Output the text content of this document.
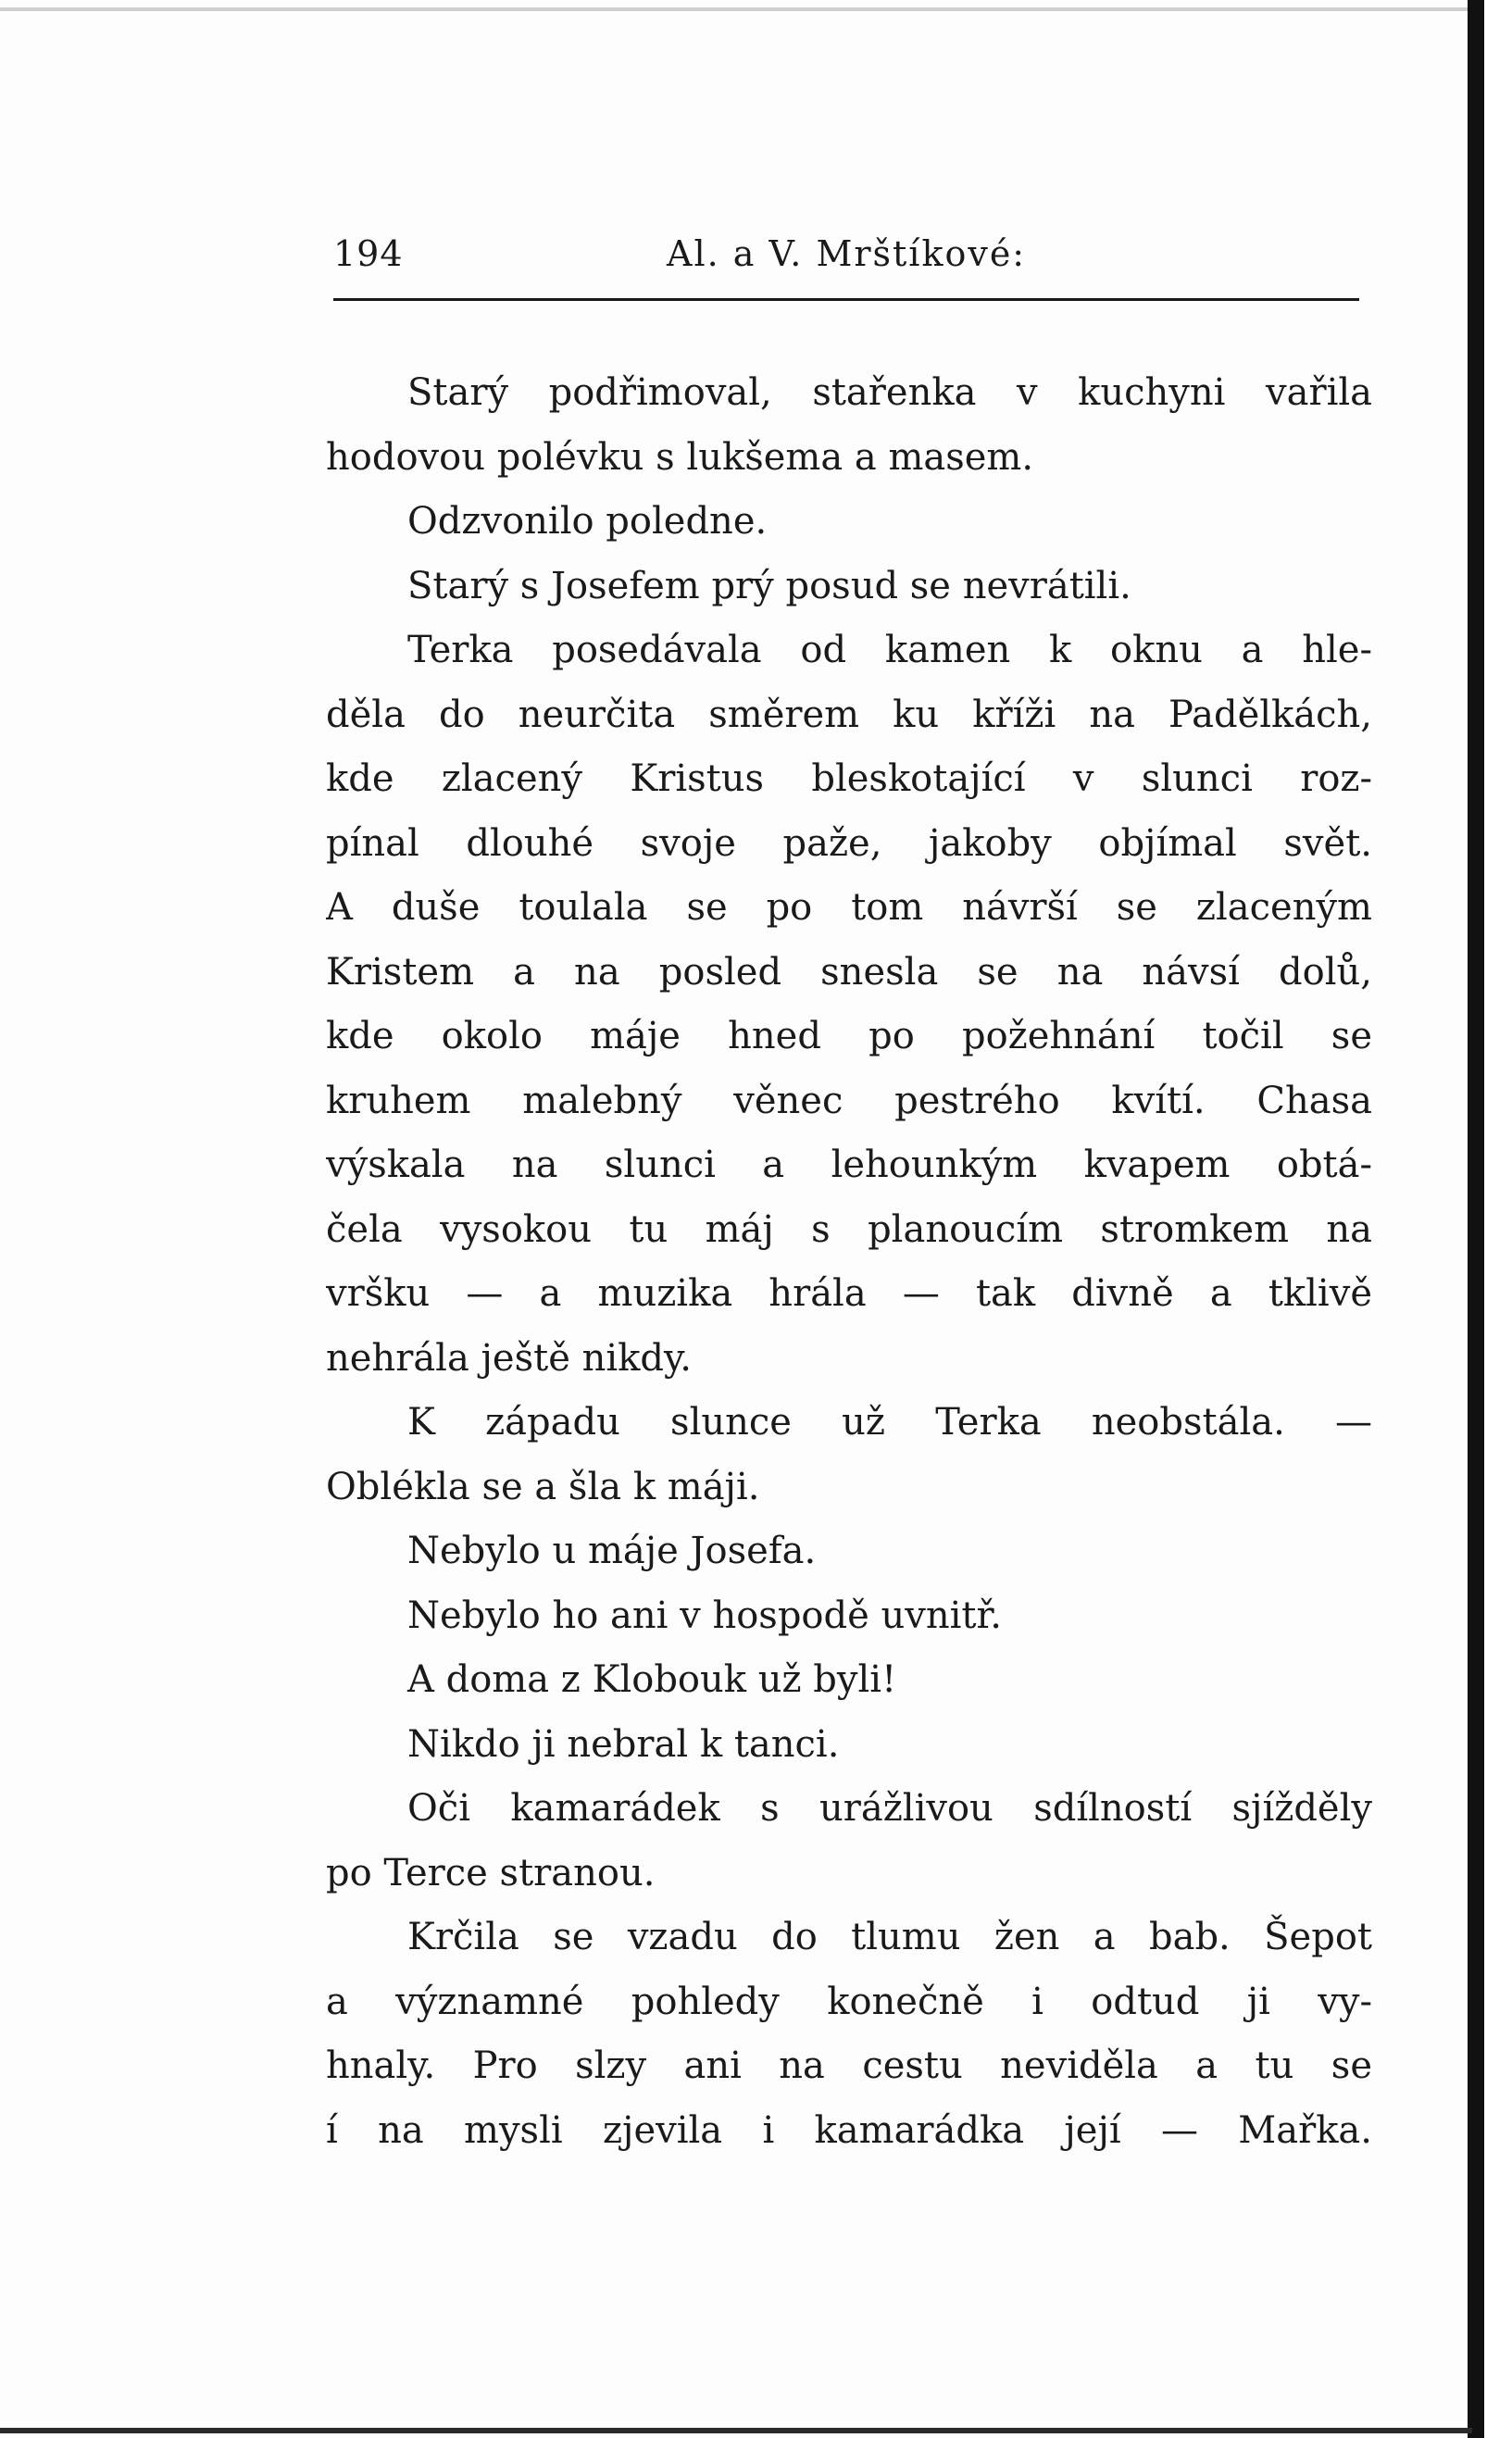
194	Al. a V. Mrštíkové:
Starý podřimoval, stařenka v kuchyni vařila
hodovou polévku s lukšema a masem.
Odzvonilo poledne.
Starý s Josefem prý posud se nevrátili.
Terka posedávala od kamen k oknu a hle-
děla do neurčita směrem ku kříži na Padělkách,
kde zlacený Kristus bleskotající v slunci roz-
pínal dlouhé svoje paže, jakoby objímal svět.
A duše toulala se po tom návrší se zlaceným
Kristem a na posled snesla se na návsí dolů,
kde okolo máje hned po požehnání točil se
kruhem malebný věnec pestrého kvítí. Chasa
výskala na slunci a lehounkým kvapem obtá-
čela vysokou tu máj s planoucím stromkem na
vršku — a muzika hrála — tak divně a tklivě
nehrála ještě nikdy.
K západu slunce už Terka neobstála. —
Oblékla se a šla k máji.
Nebylo u máje Josefa.
Nebylo ho ani v hospodě uvnitř.
A doma z Klobouk už byli!
Nikdo ji nebral k tanci.
Oči kamarádek s urážlivou sdílností sjížděly
po Terce stranou.
Krčila se vzadu do tlumu žen a bab. Šepot
a významné pohledy konečně i odtud ji vy-
hnaly. Pro slzy ani na cestu neviděla a tu se
í na mysli zjevila i kamarádka její — Mařka.
